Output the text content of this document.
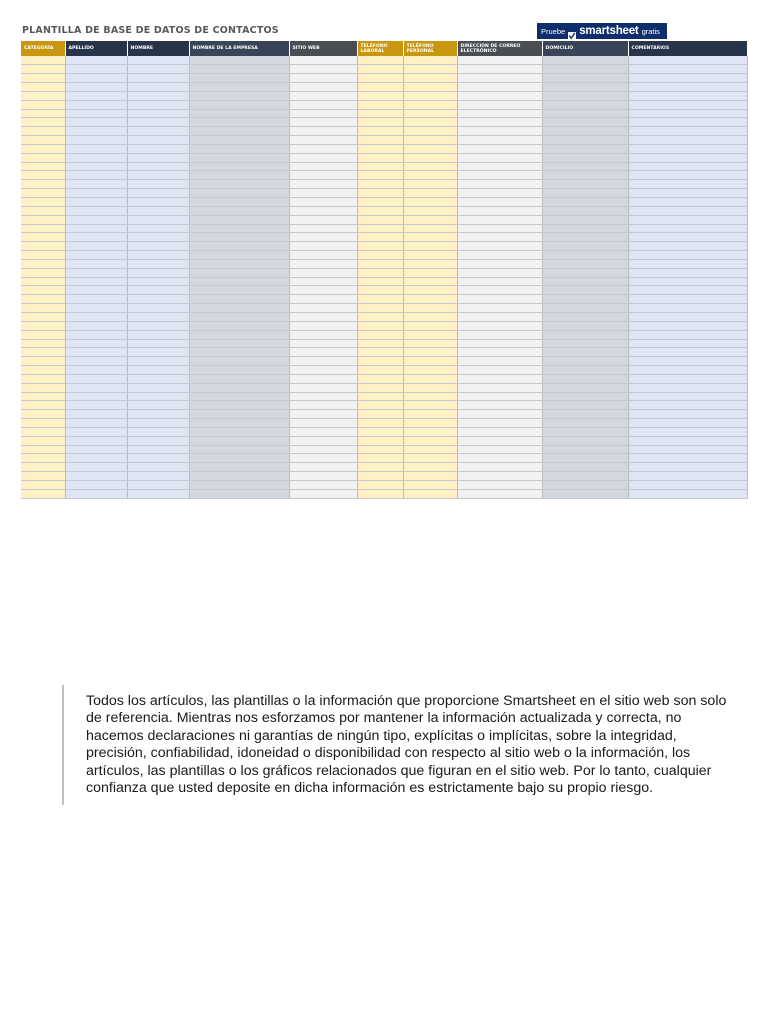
PLANTILLA DE BASE DE DATOS DE CONTACTOS	Pruebe smartsheet gratis
CATEGORÍA	APELLIDO	NOMBRE	NOMBRE DE LA EMPRESA	SITIO WEB	TELÉFONO LABORAL	TELÉFONO PERSONAL	DIRECCIÓN DE CORREO ELECTRÓNICO	DOMICILIO	COMENTARIOS

Todos los artículos, las plantillas o la información que proporcione Smartsheet en el sitio web son solo de referencia. Mientras nos esforzamos por mantener la información actualizada y correcta, no hacemos declaraciones ni garantías de ningún tipo, explícitas o implícitas, sobre la integridad, precisión, confiabilidad, idoneidad o disponibilidad con respecto al sitio web o la información, los artículos, las plantillas o los gráficos relacionados que figuran en el sitio web. Por lo tanto, cualquier confianza que usted deposite en dicha información es estrictamente bajo su propio riesgo.
